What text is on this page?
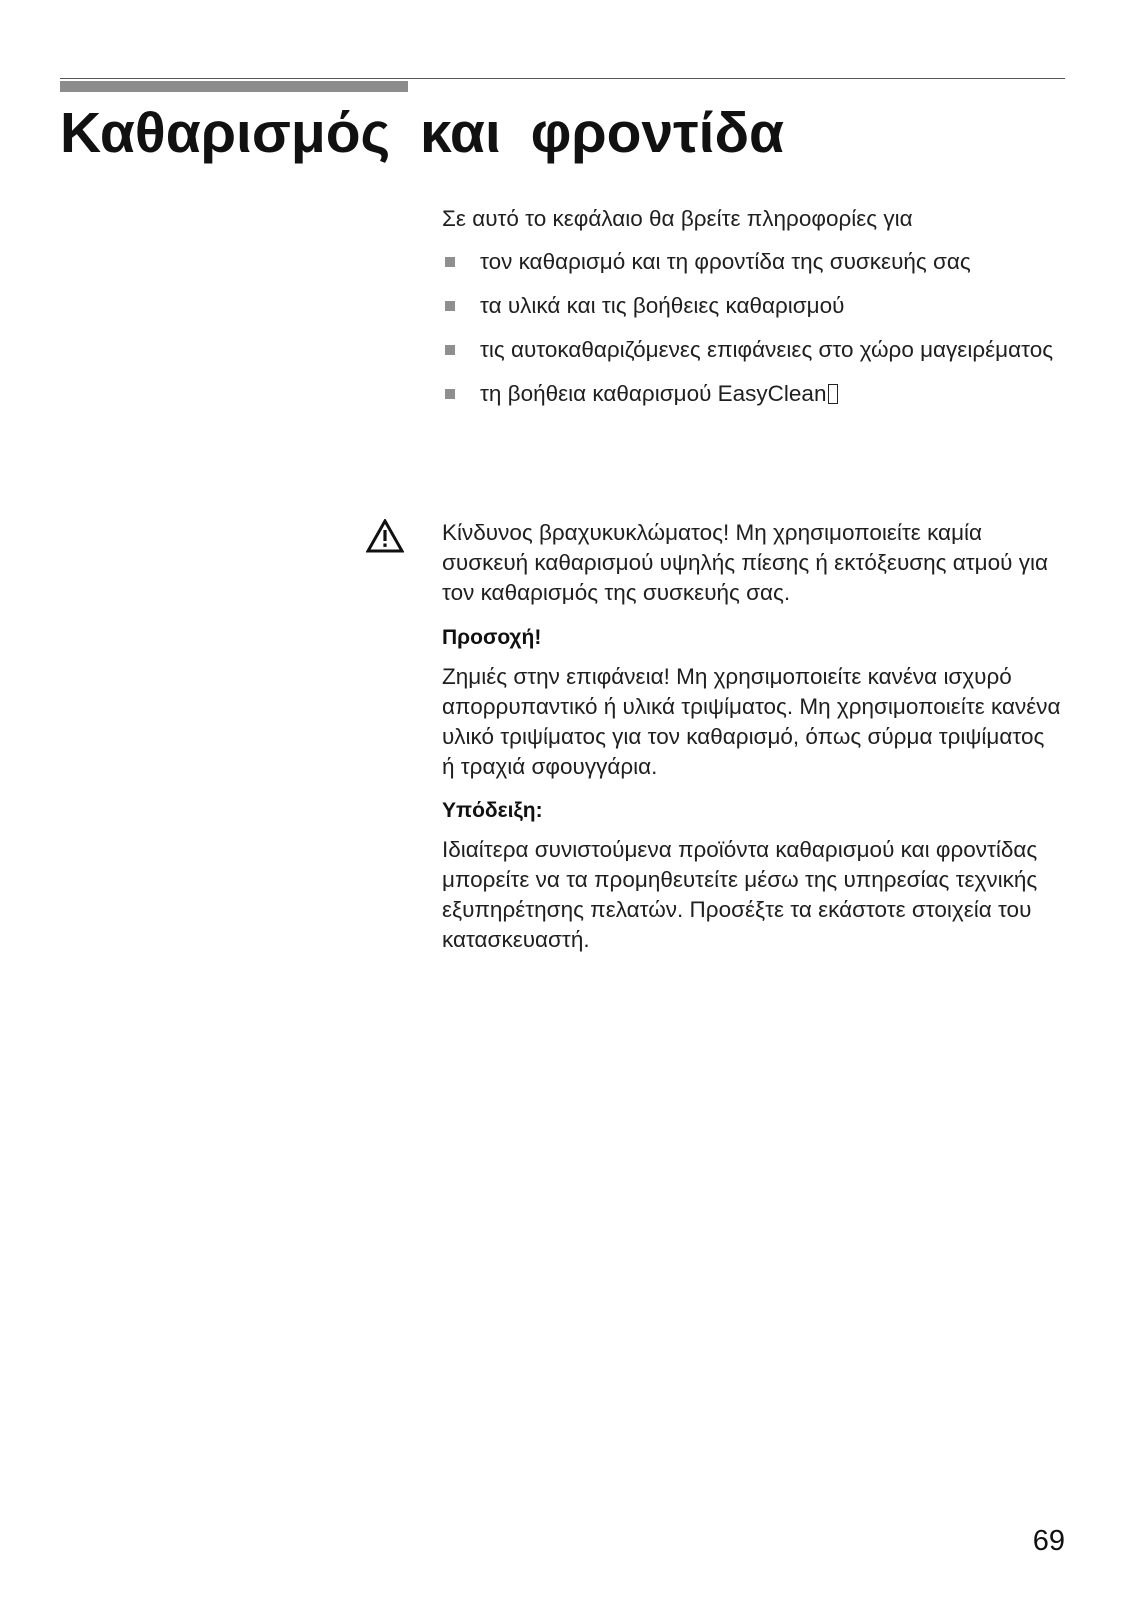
Καθαρισμός και φροντίδα

Σε αυτό το κεφάλαιο θα βρείτε πληροφορίες για

τον καθαρισμό και τη φροντίδα της συσκευής σας
τα υλικά και τις βοήθειες καθαρισμού
τις αυτοκαθαριζόμενες επιφάνειες στο χώρο μαγειρέματος
τη βοήθεια καθαρισμού EasyClean

Κίνδυνος βραχυκυκλώματος! Μη χρησιμοποιείτε καμία συσκευή καθαρισμού υψηλής πίεσης ή εκτόξευσης ατμού για τον καθαρισμός της συσκευής σας.

Προσοχή!

Ζημιές στην επιφάνεια! Μη χρησιμοποιείτε κανένα ισχυρό απορρυπαντικό ή υλικά τριψίματος. Μη χρησιμοποιείτε κανένα υλικό τριψίματος για τον καθαρισμό, όπως σύρμα τριψίματος ή τραχιά σφουγγάρια.

Υπόδειξη:

Ιδιαίτερα συνιστούμενα προϊόντα καθαρισμού και φροντίδας μπορείτε να τα προμηθευτείτε μέσω της υπηρεσίας τεχνικής εξυπηρέτησης πελατών. Προσέξτε τα εκάστοτε στοιχεία του κατασκευαστή.

69
